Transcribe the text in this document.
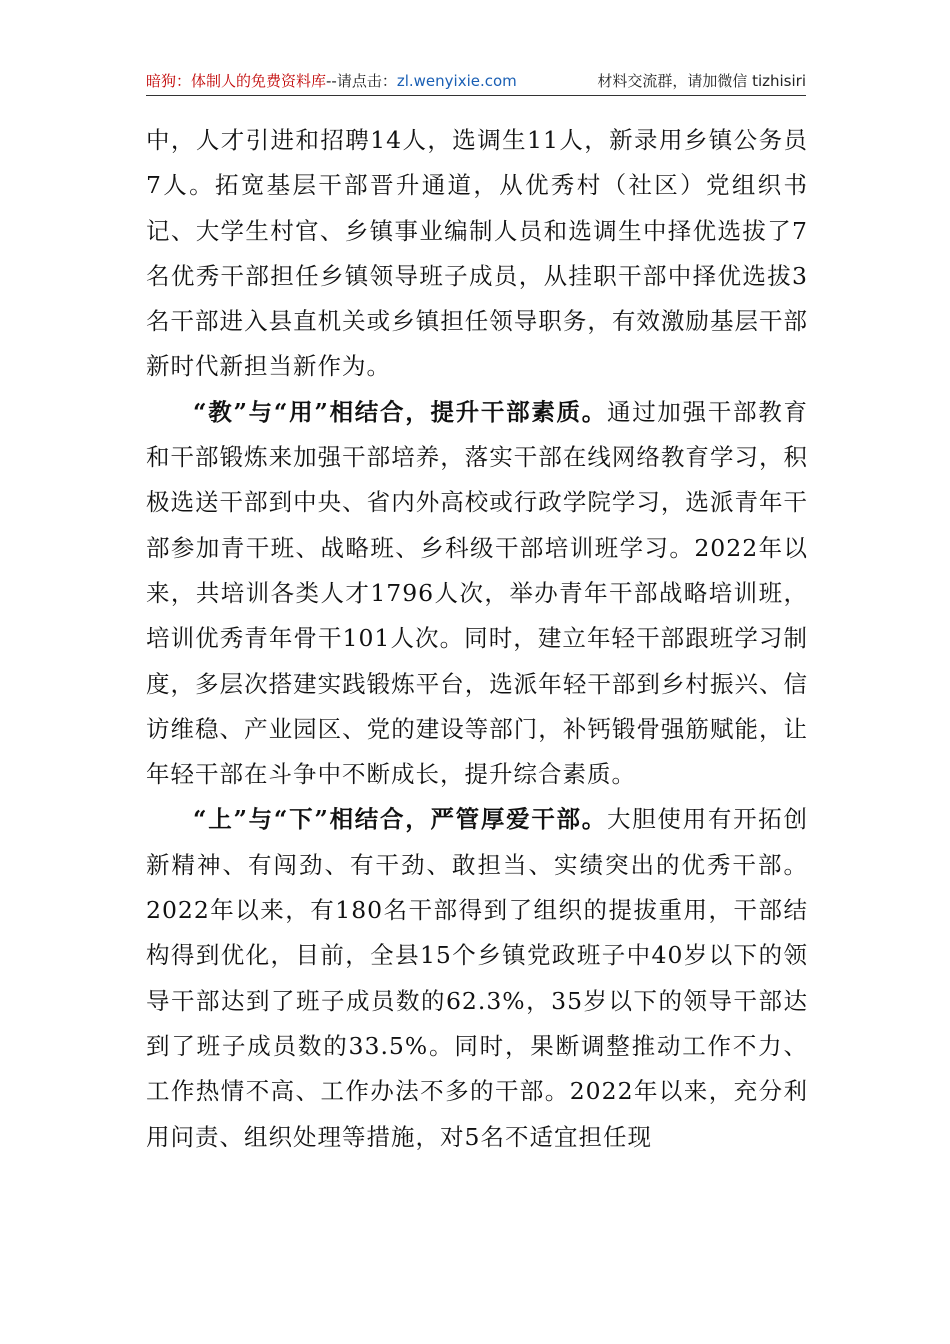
暗狗：体制人的免费资料库--请点击：zl.wenyixie.com	材料交流群，请加微信 tizhisiri

中，人才引进和招聘14人，选调生11人，新录用乡镇公务员7人。拓宽基层干部晋升通道，从优秀村（社区）党组织书记、大学生村官、乡镇事业编制人员和选调生中择优选拔了7名优秀干部担任乡镇领导班子成员，从挂职干部中择优选拔3名干部进入县直机关或乡镇担任领导职务，有效激励基层干部新时代新担当新作为。

“教”与“用”相结合，提升干部素质。通过加强干部教育和干部锻炼来加强干部培养，落实干部在线网络教育学习，积极选送干部到中央、省内外高校或行政学院学习，选派青年干部参加青干班、战略班、乡科级干部培训班学习。2022年以来，共培训各类人才1796人次，举办青年干部战略培训班，培训优秀青年骨干101人次。同时，建立年轻干部跟班学习制度，多层次搭建实践锻炼平台，选派年轻干部到乡村振兴、信访维稳、产业园区、党的建设等部门，补钙锻骨强筋赋能，让年轻干部在斗争中不断成长，提升综合素质。

“上”与“下”相结合，严管厚爱干部。大胆使用有开拓创新精神、有闯劲、有干劲、敢担当、实绩突出的优秀干部。2022年以来，有180名干部得到了组织的提拔重用，干部结构得到优化，目前，全县15个乡镇党政班子中40岁以下的领导干部达到了班子成员数的62.3%，35岁以下的领导干部达到了班子成员数的33.5%。同时，果断调整推动工作不力、工作热情不高、工作办法不多的干部。2022年以来，充分利用问责、组织处理等措施，对5名不适宜担任现
